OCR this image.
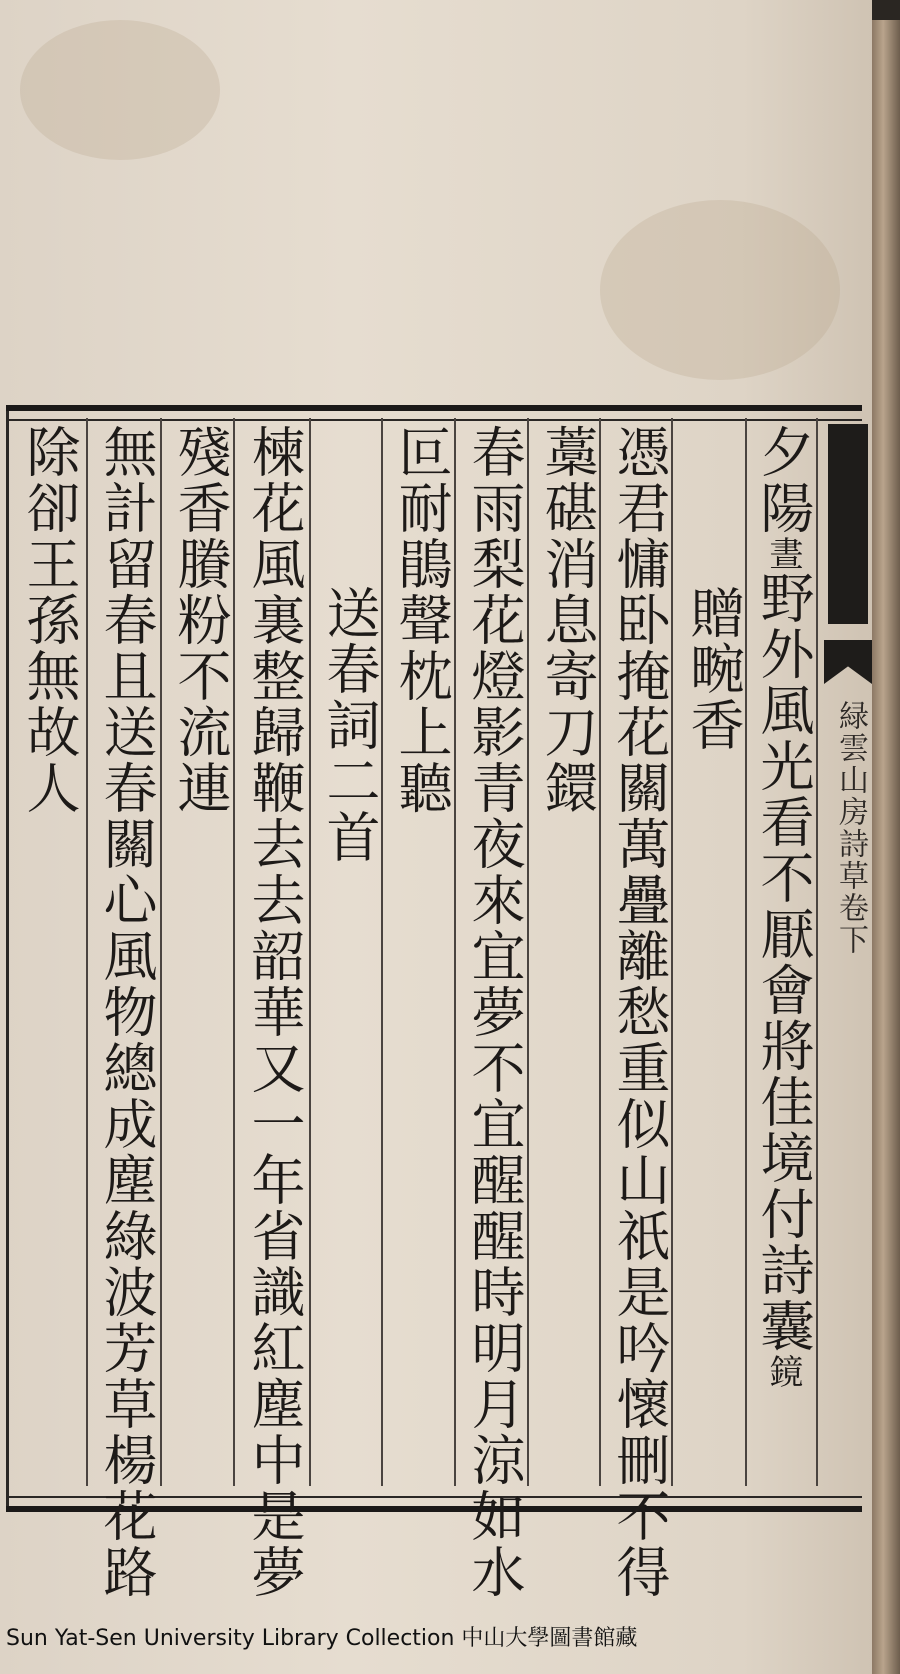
緑雲山房詩草卷下
夕陽晝野外風光看不厭會將佳境付詩囊鏡
贈畹香
憑君慵卧掩花關萬疊離愁重似山祇是吟懷刪不得
藁碪消息寄刀鐶
春雨梨花燈影青夜來宜夢不宜醒醒時明月涼如水
叵耐鵑聲枕上聽
送春詞二首
楝花風裏整歸鞭去去韶華又一年省識紅塵中是夢
殘香賸粉不流連
無計留春且送春關心風物總成塵綠波芳草楊花路
除卻王孫無故人
Sun Yat-Sen University Library Collection 中山大學圖書館藏
